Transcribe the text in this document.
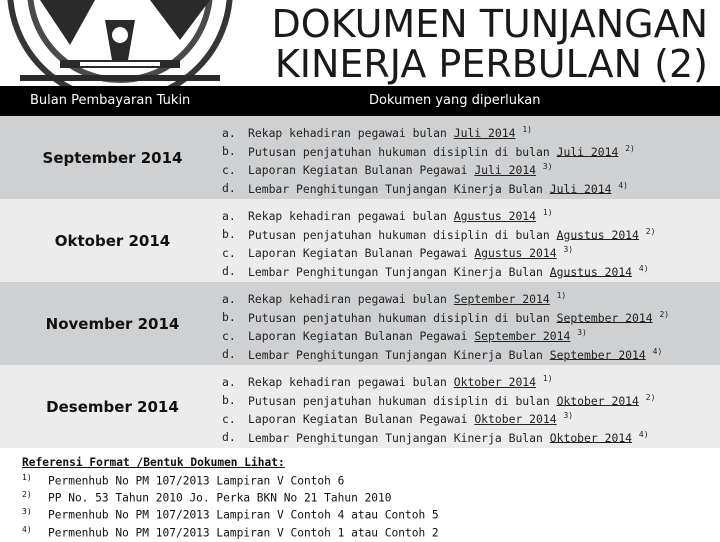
DOKUMEN TUNJANGAN
KINERJA PERBULAN (2)
Bulan Pembayaran Tukin	Dokumen yang diperlukan
September 2014
a. Rekap kehadiran pegawai bulan Juli 2014 $^{1)}$
b. Putusan penjatuhan hukuman disiplin di bulan Juli 2014 $^{2)}$
c. Laporan Kegiatan Bulanan Pegawai Juli 2014 $^{3)}$
d. Lembar Penghitungan Tunjangan Kinerja Bulan Juli 2014 $^{4)}$
Oktober 2014
a. Rekap kehadiran pegawai bulan Agustus 2014 $^{1)}$
b. Putusan penjatuhan hukuman disiplin di bulan Agustus 2014 $^{2)}$
c. Laporan Kegiatan Bulanan Pegawai Agustus 2014 $^{3)}$
d. Lembar Penghitungan Tunjangan Kinerja Bulan Agustus 2014 $^{4)}$
November 2014
a. Rekap kehadiran pegawai bulan September 2014 $^{1)}$
b. Putusan penjatuhan hukuman disiplin di bulan September 2014 $^{2)}$
c. Laporan Kegiatan Bulanan Pegawai September 2014 $^{3)}$
d. Lembar Penghitungan Tunjangan Kinerja Bulan September 2014 $^{4)}$
Desember 2014
a. Rekap kehadiran pegawai bulan Oktober 2014 $^{1)}$
b. Putusan penjatuhan hukuman disiplin di bulan Oktober 2014 $^{2)}$
c. Laporan Kegiatan Bulanan Pegawai Oktober 2014 $^{3)}$
d. Lembar Penghitungan Tunjangan Kinerja Bulan Oktober 2014 $^{4)}$
Referensi Format /Bentuk Dokumen Lihat:
$^{1)}$ Permenhub No PM 107/2013 Lampiran V Contoh 6
$^{2)}$ PP No. 53 Tahun 2010 Jo. Perka BKN No 21 Tahun 2010
$^{3)}$ Permenhub No PM 107/2013 Lampiran V Contoh 4 atau Contoh 5
$^{4)}$ Permenhub No PM 107/2013 Lampiran V Contoh 1 atau Contoh 2
